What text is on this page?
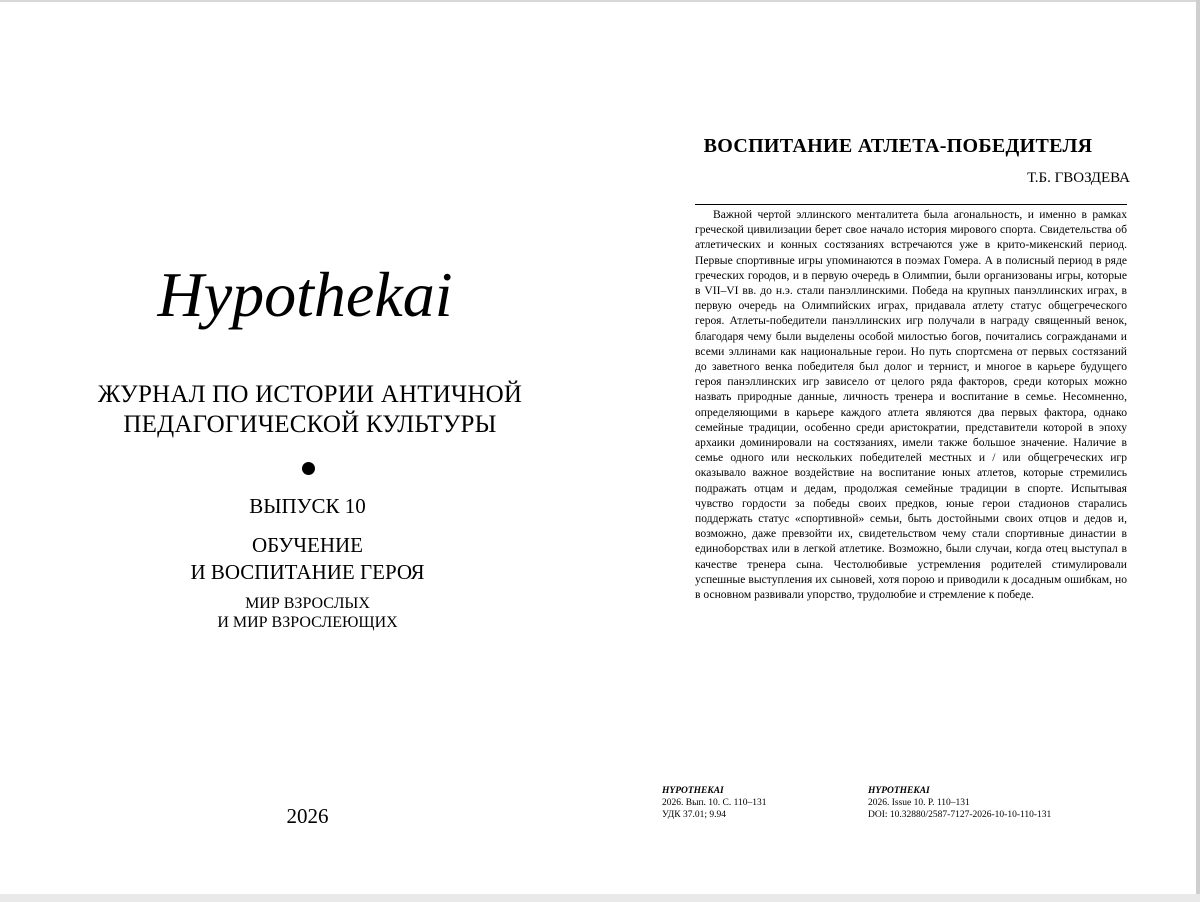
Hypothekai
ЖУРНАЛ ПО ИСТОРИИ АНТИЧНОЙ
ПЕДАГОГИЧЕСКОЙ КУЛЬТУРЫ
ВЫПУСК 10
ОБУЧЕНИЕ
И ВОСПИТАНИЕ ГЕРОЯ
МИР ВЗРОСЛЫХ
И МИР ВЗРОСЛЕЮЩИХ
2026
ВОСПИТАНИЕ АТЛЕТА-ПОБЕДИТЕЛЯ
Т.Б. ГВОЗДЕВА

Важной чертой эллинского менталитета была агональность, и именно в рамках греческой цивилизации берет свое начало история мирового спорта. Свидетельства об атлетических и конных состязаниях встречаются уже в крито-микенский период. Первые спортивные игры упоминаются в поэмах Гомера. А в полисный период в ряде греческих городов, и в первую очередь в Олимпии, были организованы игры, которые в VII–VI вв. до н.э. стали панэллинскими. Победа на крупных панэллинских играх, в первую очередь на Олимпийских играх, придавала атлету статус общегреческого героя. Атлеты-победители панэллинских игр получали в награду священный венок, благодаря чему были выделены особой милостью богов, почитались согражданами и всеми эллинами как национальные герои. Но путь спортсмена от первых состязаний до заветного венка победителя был долог и тернист, и многое в карьере будущего героя панэллинских игр зависело от целого ряда факторов, среди которых можно назвать природные данные, личность тренера и воспитание в семье. Несомненно, определяющими в карьере каждого атлета являются два первых фактора, однако семейные традиции, особенно среди аристократии, представители которой в эпоху архаики доминировали на состязаниях, имели также большое значение. Наличие в семье одного или нескольких победителей местных и / или общегреческих игр оказывало важное воздействие на воспитание юных атлетов, которые стремились подражать отцам и дедам, продолжая семейные традиции в спорте. Испытывая чувство гордости за победы своих предков, юные герои стадионов старались поддержать статус «спортивной» семьи, быть достойными своих отцов и дедов и, возможно, даже превзойти их, свидетельством чему стали спортивные династии в единоборствах или в легкой атлетике. Возможно, были случаи, когда отец выступал в качестве тренера сына. Честолюбивые устремления родителей стимулировали успешные выступления их сыновей, хотя порою и приводили к досадным ошибкам, но в основном развивали упорство, трудолюбие и стремление к победе.

HYPOTHEKAI
2026. Вып. 10. С. 110–131
УДК 37.01; 9.94
HYPOTHEKAI
2026. Issue 10. P. 110–131
DOI: 10.32880/2587-7127-2026-10-10-110-131
